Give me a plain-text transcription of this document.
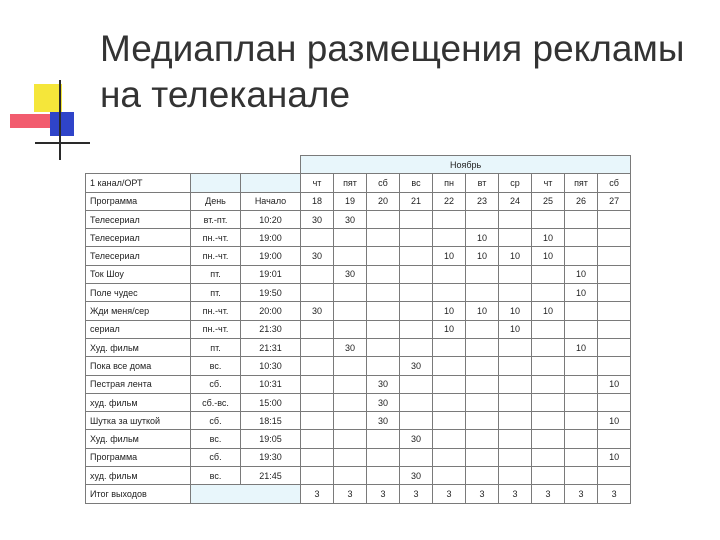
Медиаплан размещения рекламы на телеканале
			Ноябрь									
1 канал/ОРТ			чт	пят	сб	вс	пн	вт	ср	чт	пят	сб
Программа	День	Начало	18	19	20	21	22	23	24	25	26	27
Телесериал	вт.-пт.	10:20	30	30								
Телесериал	пн.-чт.	19:00						10		10		
Телесериал	пн.-чт.	19:00	30				10	10	10	10		
Ток Шоу	пт.	19:01		30							10	
Поле чудес	пт.	19:50									10	
Жди меня/сер	пн.-чт.	20:00	30				10	10	10	10		
сериал	пн.-чт.	21:30					10		10			
Худ. фильм	пт.	21:31		30							10	
Пока все дома	вс.	10:30				30						
Пестрая лента	сб.	10:31			30							10
худ. фильм	сб.-вс.	15:00			30							
Шутка за шуткой	сб.	18:15			30							10
Худ. фильм	вс.	19:05				30						
Программа	сб.	19:30										10
худ. фильм	вс.	21:45				30						
Итог выходов			3	3	3	3	3	3	3	3	3	3
